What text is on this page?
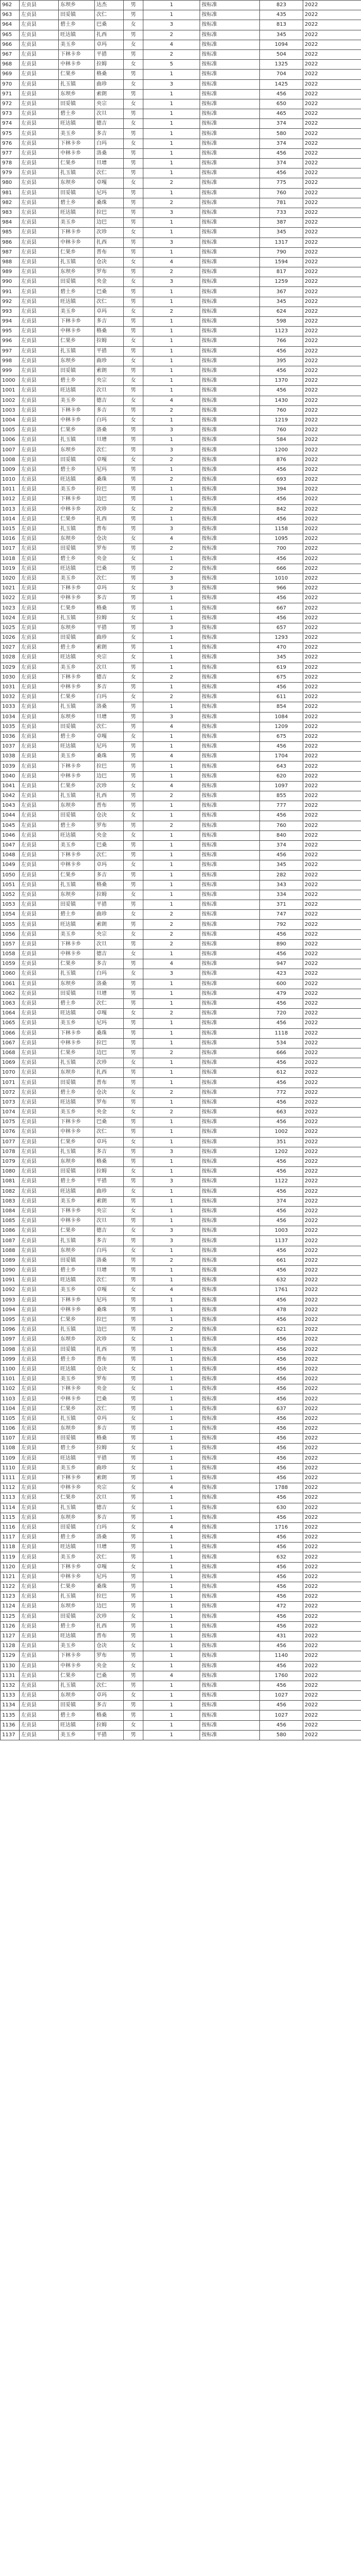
962	左贡县	东坝乡	达杰	男	1	按标准	823	2022
963	左贡县	田妥镇	次仁	男	1	按标准	435	2022
964	左贡县	碧土乡	巴桑	女	3	按标准	813	2022
965	左贡县	旺达镇	扎西	男	2	按标准	345	2022
966	左贡县	美玉乡	卓玛	女	4	按标准	1094	2022
967	左贡县	下林卡乡	平措	男	2	按标准	504	2022
968	左贡县	中林卡乡	拉姆	女	5	按标准	1325	2022
969	左贡县	仁果乡	格桑	男	1	按标准	704	2022
970	左贡县	扎玉镇	曲珍	女	3	按标准	1425	2022
971	左贡县	东坝乡	索朗	男	1	按标准	456	2022
972	左贡县	田妥镇	央宗	女	1	按标准	650	2022
973	左贡县	碧土乡	次旦	男	1	按标准	465	2022
974	左贡县	旺达镇	德吉	女	1	按标准	374	2022
975	左贡县	美玉乡	多吉	男	1	按标准	580	2022
976	左贡县	下林卡乡	白玛	女	1	按标准	374	2022
977	左贡县	中林卡乡	洛桑	男	1	按标准	456	2022
978	左贡县	仁果乡	旦增	男	1	按标准	374	2022
979	左贡县	扎玉镇	次仁	男	1	按标准	456	2022
980	左贡县	东坝乡	卓嘎	女	2	按标准	775	2022
981	左贡县	田妥镇	尼玛	男	1	按标准	760	2022
982	左贡县	碧土乡	桑珠	男	2	按标准	781	2022
983	左贡县	旺达镇	拉巴	男	3	按标准	733	2022
984	左贡县	美玉乡	边巴	男	1	按标准	387	2022
985	左贡县	下林卡乡	次珍	女	1	按标准	345	2022
986	左贡县	中林卡乡	扎西	男	3	按标准	1317	2022
987	左贡县	仁果乡	普布	男	1	按标准	790	2022
988	左贡县	扎玉镇	仓决	女	4	按标准	1594	2022
989	左贡县	东坝乡	罗布	男	2	按标准	817	2022
990	左贡县	田妥镇	央金	女	3	按标准	1259	2022
991	左贡县	碧土乡	巴桑	男	1	按标准	367	2022
992	左贡县	旺达镇	次仁	男	1	按标准	345	2022
993	左贡县	美玉乡	卓玛	女	2	按标准	624	2022
994	左贡县	下林卡乡	多吉	男	1	按标准	598	2022
995	左贡县	中林卡乡	格桑	男	1	按标准	1123	2022
996	左贡县	仁果乡	拉姆	女	1	按标准	766	2022
997	左贡县	扎玉镇	平措	男	1	按标准	456	2022
998	左贡县	东坝乡	曲珍	女	1	按标准	395	2022
999	左贡县	田妥镇	索朗	男	1	按标准	456	2022
1000	左贡县	碧土乡	央宗	女	1	按标准	1370	2022
1001	左贡县	旺达镇	次旦	男	1	按标准	456	2022
1002	左贡县	美玉乡	德吉	女	4	按标准	1430	2022
1003	左贡县	下林卡乡	多吉	男	2	按标准	760	2022
1004	左贡县	中林卡乡	白玛	女	1	按标准	1219	2022
1005	左贡县	仁果乡	洛桑	男	3	按标准	760	2022
1006	左贡县	扎玉镇	旦增	男	1	按标准	584	2022
1007	左贡县	东坝乡	次仁	男	3	按标准	1200	2022
1008	左贡县	田妥镇	卓嘎	女	2	按标准	876	2022
1009	左贡县	碧土乡	尼玛	男	1	按标准	456	2022
1010	左贡县	旺达镇	桑珠	男	2	按标准	693	2022
1011	左贡县	美玉乡	拉巴	男	1	按标准	394	2022
1012	左贡县	下林卡乡	边巴	男	1	按标准	456	2022
1013	左贡县	中林卡乡	次珍	女	2	按标准	842	2022
1014	左贡县	仁果乡	扎西	男	1	按标准	456	2022
1015	左贡县	扎玉镇	普布	男	3	按标准	1158	2022
1016	左贡县	东坝乡	仓决	女	4	按标准	1095	2022
1017	左贡县	田妥镇	罗布	男	2	按标准	700	2022
1018	左贡县	碧土乡	央金	女	1	按标准	456	2022
1019	左贡县	旺达镇	巴桑	男	2	按标准	666	2022
1020	左贡县	美玉乡	次仁	男	3	按标准	1010	2022
1021	左贡县	下林卡乡	卓玛	女	3	按标准	966	2022
1022	左贡县	中林卡乡	多吉	男	1	按标准	456	2022
1023	左贡县	仁果乡	格桑	男	1	按标准	667	2022
1024	左贡县	扎玉镇	拉姆	女	1	按标准	456	2022
1025	左贡县	东坝乡	平措	男	3	按标准	657	2022
1026	左贡县	田妥镇	曲珍	女	1	按标准	1293	2022
1027	左贡县	碧土乡	索朗	男	1	按标准	470	2022
1028	左贡县	旺达镇	央宗	女	1	按标准	345	2022
1029	左贡县	美玉乡	次旦	男	1	按标准	619	2022
1030	左贡县	下林卡乡	德吉	女	2	按标准	675	2022
1031	左贡县	中林卡乡	多吉	男	1	按标准	456	2022
1032	左贡县	仁果乡	白玛	女	2	按标准	611	2022
1033	左贡县	扎玉镇	洛桑	男	1	按标准	854	2022
1034	左贡县	东坝乡	旦增	男	3	按标准	1084	2022
1035	左贡县	田妥镇	次仁	男	4	按标准	1209	2022
1036	左贡县	碧土乡	卓嘎	女	1	按标准	675	2022
1037	左贡县	旺达镇	尼玛	男	1	按标准	456	2022
1038	左贡县	美玉乡	桑珠	男	4	按标准	1704	2022
1039	左贡县	下林卡乡	拉巴	男	1	按标准	643	2022
1040	左贡县	中林卡乡	边巴	男	1	按标准	620	2022
1041	左贡县	仁果乡	次珍	女	4	按标准	1097	2022
1042	左贡县	扎玉镇	扎西	男	2	按标准	855	2022
1043	左贡县	东坝乡	普布	男	1	按标准	777	2022
1044	左贡县	田妥镇	仓决	女	1	按标准	456	2022
1045	左贡县	碧土乡	罗布	男	2	按标准	760	2022
1046	左贡县	旺达镇	央金	女	1	按标准	840	2022
1047	左贡县	美玉乡	巴桑	男	1	按标准	374	2022
1048	左贡县	下林卡乡	次仁	男	1	按标准	456	2022
1049	左贡县	中林卡乡	卓玛	女	1	按标准	345	2022
1050	左贡县	仁果乡	多吉	男	1	按标准	282	2022
1051	左贡县	扎玉镇	格桑	男	1	按标准	343	2022
1052	左贡县	东坝乡	拉姆	女	1	按标准	334	2022
1053	左贡县	田妥镇	平措	男	1	按标准	371	2022
1054	左贡县	碧土乡	曲珍	女	2	按标准	747	2022
1055	左贡县	旺达镇	索朗	男	2	按标准	792	2022
1056	左贡县	美玉乡	央宗	女	2	按标准	456	2022
1057	左贡县	下林卡乡	次旦	男	2	按标准	890	2022
1058	左贡县	中林卡乡	德吉	女	1	按标准	456	2022
1059	左贡县	仁果乡	多吉	男	4	按标准	947	2022
1060	左贡县	扎玉镇	白玛	女	3	按标准	423	2022
1061	左贡县	东坝乡	洛桑	男	1	按标准	600	2022
1062	左贡县	田妥镇	旦增	男	1	按标准	479	2022
1063	左贡县	碧土乡	次仁	男	1	按标准	456	2022
1064	左贡县	旺达镇	卓嘎	女	2	按标准	720	2022
1065	左贡县	美玉乡	尼玛	男	1	按标准	456	2022
1066	左贡县	下林卡乡	桑珠	男	1	按标准	1118	2022
1067	左贡县	中林卡乡	拉巴	男	1	按标准	534	2022
1068	左贡县	仁果乡	边巴	男	2	按标准	666	2022
1069	左贡县	扎玉镇	次珍	女	1	按标准	456	2022
1070	左贡县	东坝乡	扎西	男	1	按标准	612	2022
1071	左贡县	田妥镇	普布	男	1	按标准	456	2022
1072	左贡县	碧土乡	仓决	女	2	按标准	772	2022
1073	左贡县	旺达镇	罗布	男	1	按标准	456	2022
1074	左贡县	美玉乡	央金	女	2	按标准	663	2022
1075	左贡县	下林卡乡	巴桑	男	1	按标准	456	2022
1076	左贡县	中林卡乡	次仁	男	1	按标准	1002	2022
1077	左贡县	仁果乡	卓玛	女	1	按标准	351	2022
1078	左贡县	扎玉镇	多吉	男	3	按标准	1202	2022
1079	左贡县	东坝乡	格桑	男	1	按标准	456	2022
1080	左贡县	田妥镇	拉姆	女	1	按标准	456	2022
1081	左贡县	碧土乡	平措	男	3	按标准	1122	2022
1082	左贡县	旺达镇	曲珍	女	1	按标准	456	2022
1083	左贡县	美玉乡	索朗	男	1	按标准	374	2022
1084	左贡县	下林卡乡	央宗	女	1	按标准	456	2022
1085	左贡县	中林卡乡	次旦	男	1	按标准	456	2022
1086	左贡县	仁果乡	德吉	女	3	按标准	1003	2022
1087	左贡县	扎玉镇	多吉	男	3	按标准	1137	2022
1088	左贡县	东坝乡	白玛	女	1	按标准	456	2022
1089	左贡县	田妥镇	洛桑	男	2	按标准	661	2022
1090	左贡县	碧土乡	旦增	男	1	按标准	456	2022
1091	左贡县	旺达镇	次仁	男	1	按标准	632	2022
1092	左贡县	美玉乡	卓嘎	女	4	按标准	1761	2022
1093	左贡县	下林卡乡	尼玛	男	1	按标准	456	2022
1094	左贡县	中林卡乡	桑珠	男	1	按标准	478	2022
1095	左贡县	仁果乡	拉巴	男	1	按标准	456	2022
1096	左贡县	扎玉镇	边巴	男	2	按标准	621	2022
1097	左贡县	东坝乡	次珍	女	1	按标准	456	2022
1098	左贡县	田妥镇	扎西	男	1	按标准	456	2022
1099	左贡县	碧土乡	普布	男	1	按标准	456	2022
1100	左贡县	旺达镇	仓决	女	1	按标准	456	2022
1101	左贡县	美玉乡	罗布	男	1	按标准	456	2022
1102	左贡县	下林卡乡	央金	女	1	按标准	456	2022
1103	左贡县	中林卡乡	巴桑	男	1	按标准	456	2022
1104	左贡县	仁果乡	次仁	男	1	按标准	637	2022
1105	左贡县	扎玉镇	卓玛	女	1	按标准	456	2022
1106	左贡县	东坝乡	多吉	男	1	按标准	456	2022
1107	左贡县	田妥镇	格桑	男	1	按标准	456	2022
1108	左贡县	碧土乡	拉姆	女	1	按标准	456	2022
1109	左贡县	旺达镇	平措	男	1	按标准	456	2022
1110	左贡县	美玉乡	曲珍	女	1	按标准	456	2022
1111	左贡县	下林卡乡	索朗	男	1	按标准	456	2022
1112	左贡县	中林卡乡	央宗	女	4	按标准	1788	2022
1113	左贡县	仁果乡	次旦	男	1	按标准	456	2022
1114	左贡县	扎玉镇	德吉	女	1	按标准	630	2022
1115	左贡县	东坝乡	多吉	男	1	按标准	456	2022
1116	左贡县	田妥镇	白玛	女	4	按标准	1716	2022
1117	左贡县	碧土乡	洛桑	男	1	按标准	456	2022
1118	左贡县	旺达镇	旦增	男	1	按标准	456	2022
1119	左贡县	美玉乡	次仁	男	1	按标准	632	2022
1120	左贡县	下林卡乡	卓嘎	女	1	按标准	456	2022
1121	左贡县	中林卡乡	尼玛	男	1	按标准	456	2022
1122	左贡县	仁果乡	桑珠	男	1	按标准	456	2022
1123	左贡县	扎玉镇	拉巴	男	1	按标准	456	2022
1124	左贡县	东坝乡	边巴	男	1	按标准	472	2022
1125	左贡县	田妥镇	次珍	女	1	按标准	456	2022
1126	左贡县	碧土乡	扎西	男	1	按标准	456	2022
1127	左贡县	旺达镇	普布	男	1	按标准	431	2022
1128	左贡县	美玉乡	仓决	女	1	按标准	456	2022
1129	左贡县	下林卡乡	罗布	男	1	按标准	1140	2022
1130	左贡县	中林卡乡	央金	女	1	按标准	456	2022
1131	左贡县	仁果乡	巴桑	男	4	按标准	1760	2022
1132	左贡县	扎玉镇	次仁	男	1	按标准	456	2022
1133	左贡县	东坝乡	卓玛	女	1	按标准	1027	2022
1134	左贡县	田妥镇	多吉	男	1	按标准	456	2022
1135	左贡县	碧土乡	格桑	男	1	按标准	1027	2022
1136	左贡县	旺达镇	拉姆	女	1	按标准	456	2022
1137	左贡县	美玉乡	平措	男	1	按标准	580	2022
